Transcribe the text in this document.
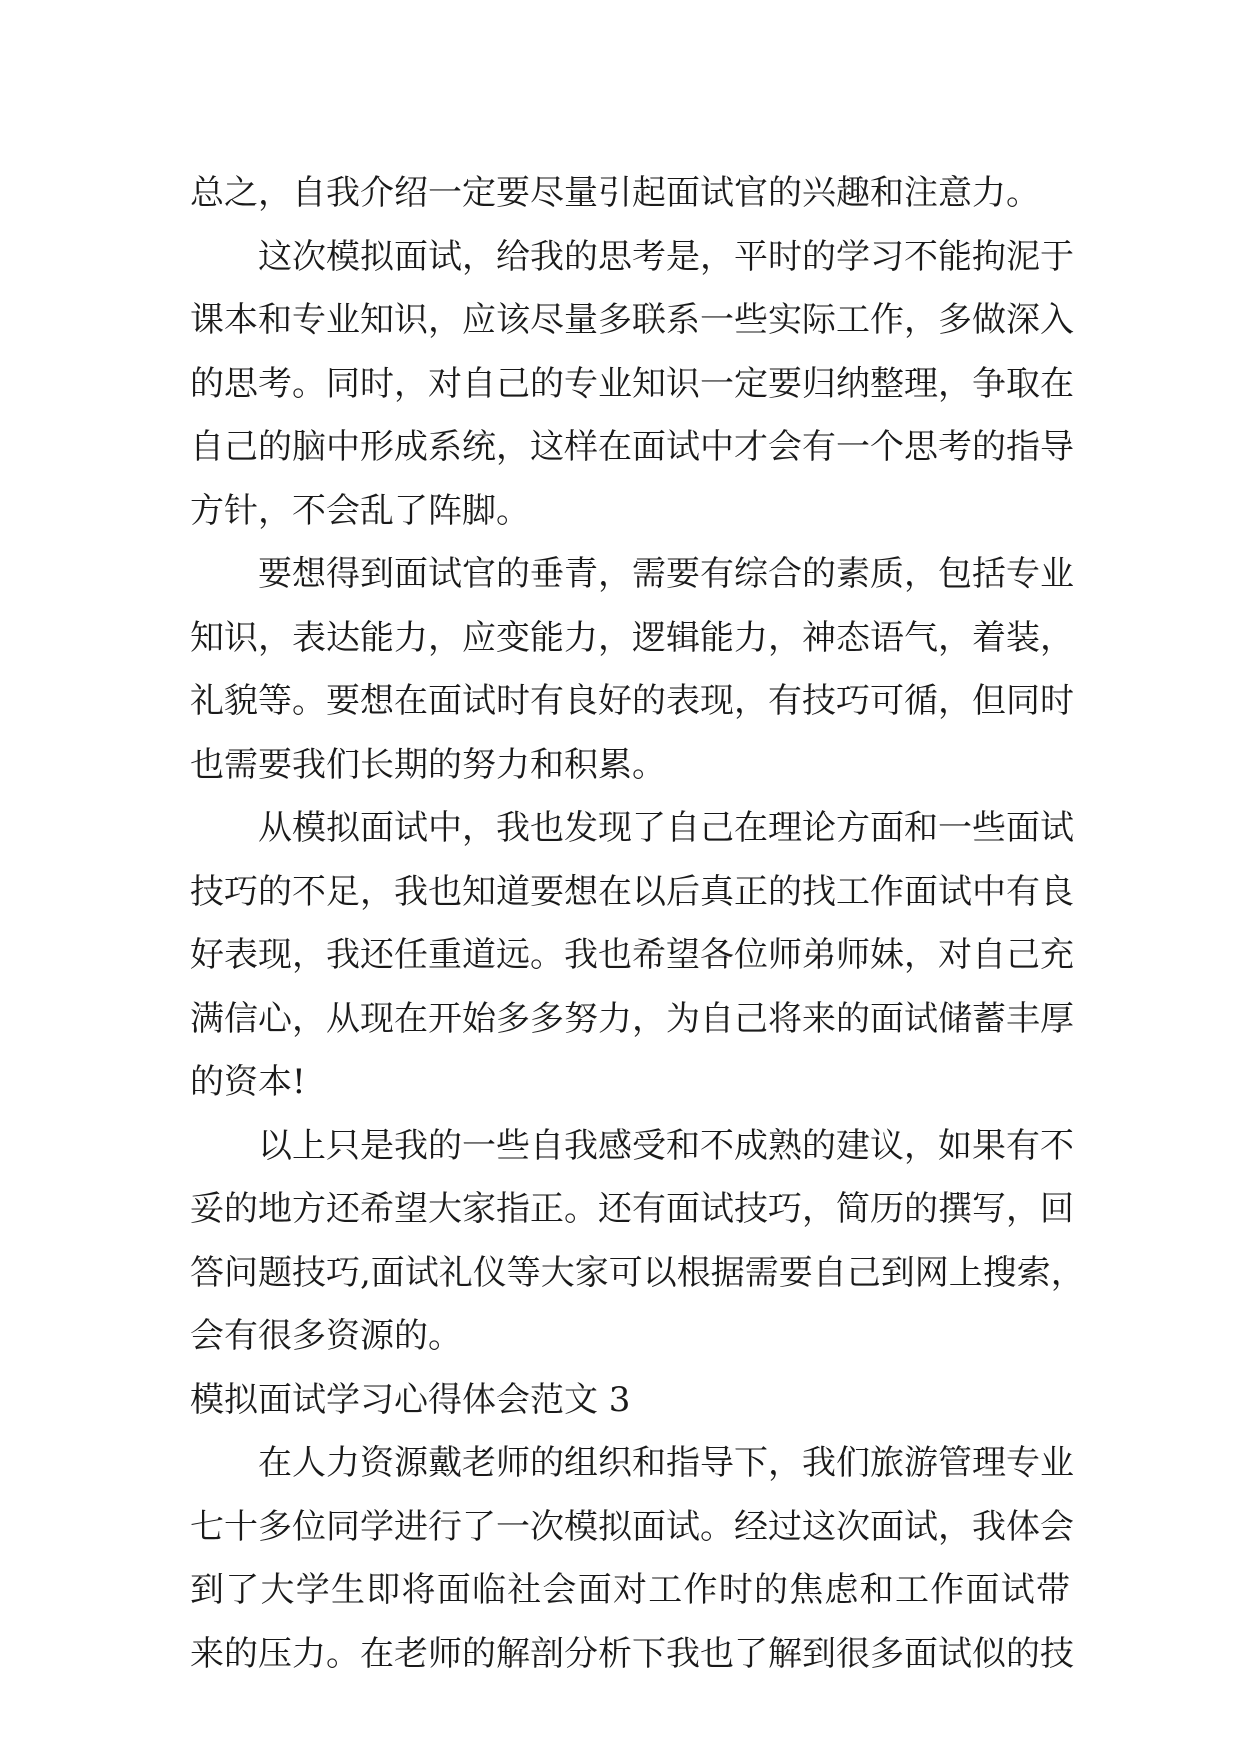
总之，自我介绍一定要尽量引起面试官的兴趣和注意力。
这次模拟面试，给我的思考是，平时的学习不能拘泥于
课本和专业知识，应该尽量多联系一些实际工作，多做深入
的思考。同时，对自己的专业知识一定要归纳整理，争取在
自己的脑中形成系统，这样在面试中才会有一个思考的指导
方针，不会乱了阵脚。
要想得到面试官的垂青，需要有综合的素质，包括专业
知识，表达能力，应变能力，逻辑能力，神态语气，着装，
礼貌等。要想在面试时有良好的表现，有技巧可循，但同时
也需要我们长期的努力和积累。
从模拟面试中，我也发现了自己在理论方面和一些面试
技巧的不足，我也知道要想在以后真正的找工作面试中有良
好表现，我还任重道远。我也希望各位师弟师妹，对自己充
满信心，从现在开始多多努力，为自己将来的面试储蓄丰厚
的资本!
以上只是我的一些自我感受和不成熟的建议，如果有不
妥的地方还希望大家指正。还有面试技巧，简历的撰写，回
答问题技巧,面试礼仪等大家可以根据需要自己到网上搜索，
会有很多资源的。
模拟面试学习心得体会范文 3
在人力资源戴老师的组织和指导下，我们旅游管理专业
七十多位同学进行了一次模拟面试。经过这次面试，我体会
到了大学生即将面临社会面对工作时的焦虑和工作面试带
来的压力。在老师的解剖分析下我也了解到很多面试似的技
